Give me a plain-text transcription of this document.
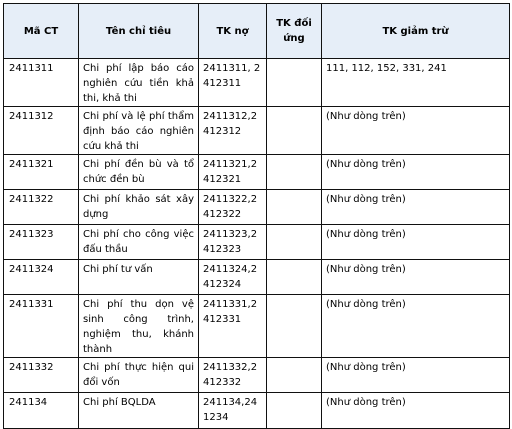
Mã CT	Tên chỉ tiêu	TK nợ	TK đối ứng	TK giảm trừ
2411311	Chi phí lập báo cáo nghiên cứu tiền khả thi, khả thi	2411311, 2412311		111, 112, 152, 331, 241
2411312	Chi phí và lệ phí thẩm định báo cáo nghiên cứu khả thi	2411312,2412312		(Như dòng trên)
2411321	Chi phí đền bù và tổ chức đền bù	2411321,2412321		(Như dòng trên)
2411322	Chi phí khảo sát xây dựng	2411322,2412322		(Như dòng trên)
2411323	Chi phí cho công việc đấu thầu	2411323,2412323		(Như dòng trên)
2411324	Chi phí tư vấn	2411324,2412324		(Như dòng trên)
2411331	Chi phí thu dọn vệ sinh công trình, nghiệm thu, khánh thành	2411331,2412331		(Như dòng trên)
2411332	Chi phí thực hiện qui đổi vốn	2411332,2412332		(Như dòng trên)
241134	Chi phí BQLDA	241134,241234		(Như dòng trên)
